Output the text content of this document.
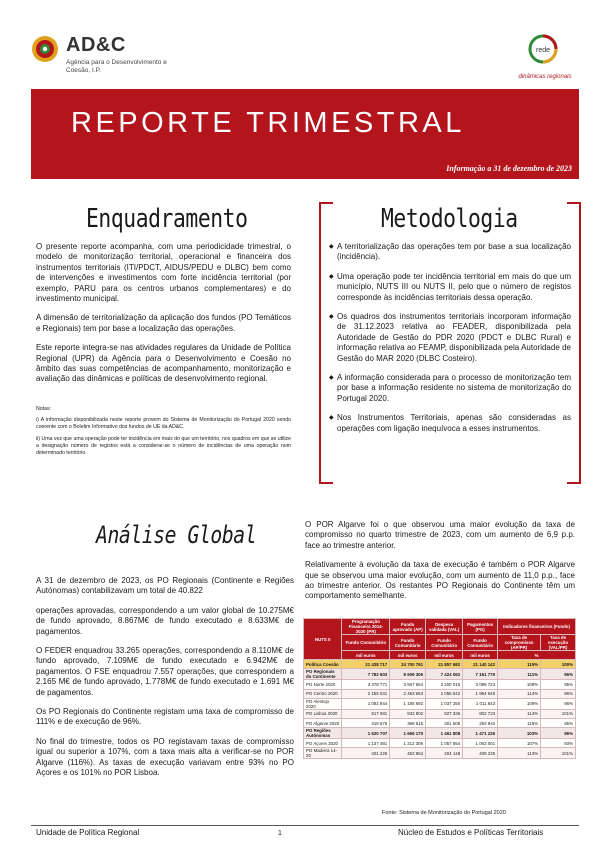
AD&C
Agência para o Desenvolvimento e Coesão, I.P.
rede
dinâmicas regionais
REPORTE TRIMESTRAL
Informação a 31 de dezembro de 2023
Enquadramento

O presente reporte acompanha, com uma periodicidade trimestral, o modelo de monitorização territorial, operacional e financeira dos instrumentos territoriais (ITI/PDCT, AIDUS/PEDU e DLBC) bem como de intervenções e investimentos com forte incidência territorial (por exemplo, PARU para os centros urbanos complementares) e do investimento municipal.

A dimensão de territorialização da aplicação dos fundos (PO Temáticos e Regionais) tem por base a localização das operações.

Este reporte integra-se nas atividades regulares da Unidade de Política Regional (UPR) da Agência para o Desenvolvimento e Coesão no âmbito das suas competências de acompanhamento, monitorização e avaliação das dinâmicas e políticas de desenvolvimento regional.

Notas:

i) A informação disponibilizada neste reporte provem do Sistema de Monitorização do Portugal 2020 sendo coerente com o Boletim Informativo dos fundos de UE da AD&C.

ii) Uma vez que uma operação pode ter incidência em mais do que um território, nos quadros em que se utilize a designação número de registos está a considerar-se o número de incidências de uma operação num determinado território.

Metodologia
◆ A territorialização das operações tem por base a sua localização (incidência).
◆ Uma operação pode ter incidência territorial em mais do que um município, NUTS III ou NUTS II, pelo que o número de registos corresponde às incidências territoriais dessa operação.
◆ Os quadros dos instrumentos territoriais incorporam informação de 31.12.2023 relativa ao FEADER, disponibilizada pela Autoridade de Gestão do PDR 2020 (PDCT e DLBC Rural) e informação relativa ao FEAMP, disponibilizada pela Autoridade de Gestão do MAR 2020 (DLBC Costeiro).
◆ A informação considerada para o processo de monitorização tem por base a informação residente no sistema de monitorização do Portugal 2020.
◆ Nos Instrumentos Territoriais, apenas são consideradas as operações com ligação inequívoca a esses instrumentos.
Análise Global

A 31 de dezembro de 2023, os PO Regionais (Continente e Regiões Autónomas) contabilizavam um total de 40.822

operações aprovadas, correspondendo a um valor global de 10.275M€ de fundo aprovado, 8.867M€ de fundo executado e 8.633M€ de pagamentos.

O FEDER enquadrou 33.265 operações, correspondendo a 8.110M€ de fundo aprovado, 7.109M€ de fundo executado e 6.942M€ de pagamentos. O FSE enquadrou 7.557 operações, que correspondem a 2.165 M€ de fundo aprovado, 1.778M€ de fundo executado e 1.691 M€ de pagamentos.

Os PO Regionais do Continente registam uma taxa de compromisso de 111% e de execução de 96%.

No final do trimestre, todos os PO registavam taxas de compromisso igual ou superior a 107%, com a taxa mais alta a verificar-se no POR Algarve (116%). As taxas de execução variavam entre 93% no PO Açores e os 101% no POR Lisboa.

O POR Algarve foi o que observou uma maior evolução da taxa de compromisso no quarto trimestre de 2023, com um aumento de 6,9 p.p. face ao trimestre anterior.

Relativamente à evolução da taxa de execução é também o POR Algarve que se observou uma maior evolução, com um aumento de 11,0 p.p., face ao trimestre anterior. Os restantes PO Regionais do Continente têm um comportamento semelhante.

NUTS II	Programação Financeira 2014-2020 (PR)	Fundo aprovado (AP)	Despesa validada (VAL)	Pagamentos (PG)	Indicadores financeiros (Fundo)	
	Fundo Comunitário	Fundo Comunitário	Fundo Comunitário	Fundo Comunitário	Taxa de compromisso (AP/PR)	Taxa de execução (VAL/PR)
	mil euros	mil euros	mil euros	mil euros	%	
Política Coesão	21 438 717	24 700 791	21 857 682	21 140 142	115%	100%
PO Regionais do Continente	7 782 603	8 609 306	7 424 062	7 161 779	111%	96%
PO Norte 2020	3 378 771	3 667 654	3 200 015	3 089 723	109%	95%
PO Centro 2020	2 155 031	2 463 653	2 058 542	1 994 648	114%	96%
PO Alentejo 2020	1 082 944	1 185 692	1 037 350	1 011 643	109%	96%
PO Lisboa 2020	817 081	932 802	827 336	802 723	114%	101%
PO Algarve 2020	318 676	369 515	301 509	292 943	116%	95%
PO Regiões Autónomas	1 620 707	1 666 170	1 461 808	1 471 226	103%	96%
PO Açores 2020	1 137 481	1 212 306	1 057 654	1 063 001	107%	93%
PO Madeira 14-20	401 226	453 864	404 148	408 225	113%	101%
Fonte: Sistema de Monitorização do Portugal 2020
Unidade de Política Regional	1	Núcleo de Estudos e Políticas Territoriais
